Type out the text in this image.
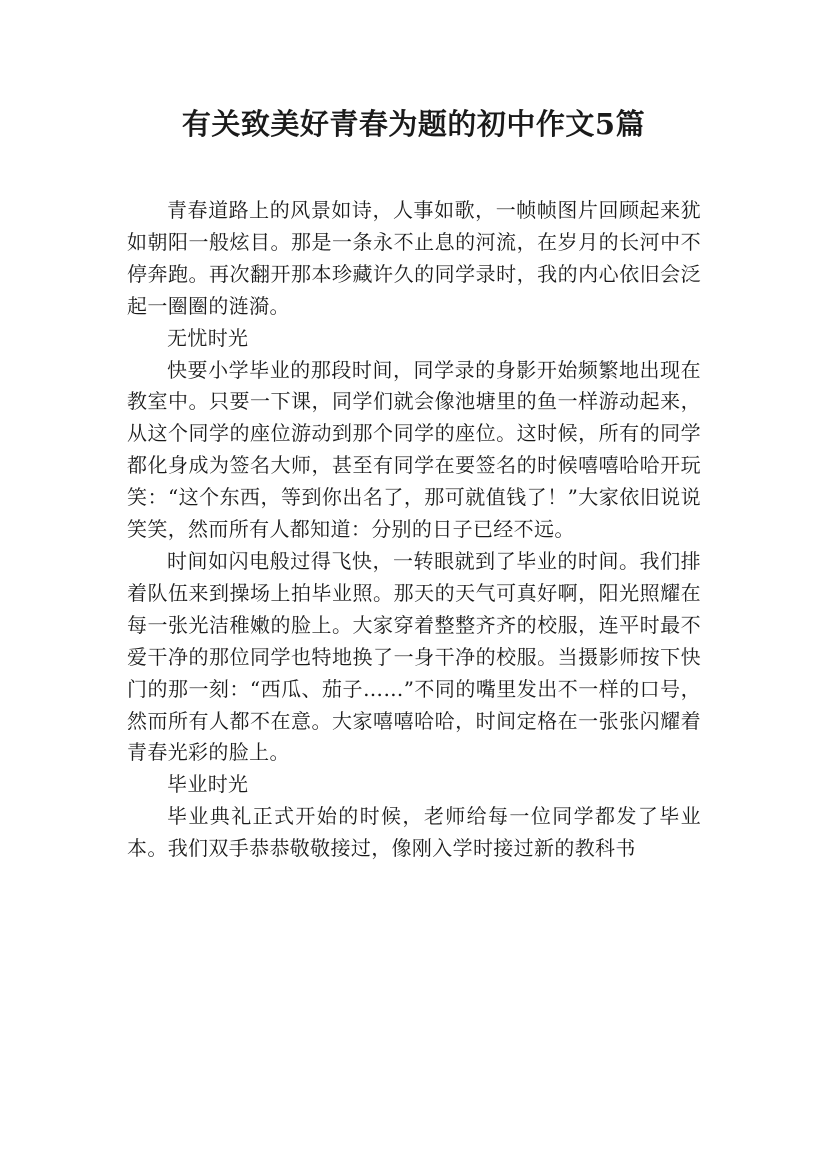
有关致美好青春为题的初中作文5篇

青春道路上的风景如诗，人事如歌，一帧帧图片回顾起来犹如朝阳一般炫目。那是一条永不止息的河流，在岁月的长河中不停奔跑。再次翻开那本珍藏许久的同学录时，我的内心依旧会泛起一圈圈的涟漪。

无忧时光

快要小学毕业的那段时间，同学录的身影开始频繁地出现在教室中。只要一下课，同学们就会像池塘里的鱼一样游动起来，从这个同学的座位游动到那个同学的座位。这时候，所有的同学都化身成为签名大师，甚至有同学在要签名的时候嘻嘻哈哈开玩笑：“这个东西，等到你出名了，那可就值钱了！”大家依旧说说笑笑，然而所有人都知道：分别的日子已经不远。

时间如闪电般过得飞快，一转眼就到了毕业的时间。我们排着队伍来到操场上拍毕业照。那天的天气可真好啊，阳光照耀在每一张光洁稚嫩的脸上。大家穿着整整齐齐的校服，连平时最不爱干净的那位同学也特地换了一身干净的校服。当摄影师按下快门的那一刻：“西瓜、茄子……”不同的嘴里发出不一样的口号，然而所有人都不在意。大家嘻嘻哈哈，时间定格在一张张闪耀着青春光彩的脸上。

毕业时光

毕业典礼正式开始的时候，老师给每一位同学都发了毕业本。我们双手恭恭敬敬接过，像刚入学时接过新的教科书
